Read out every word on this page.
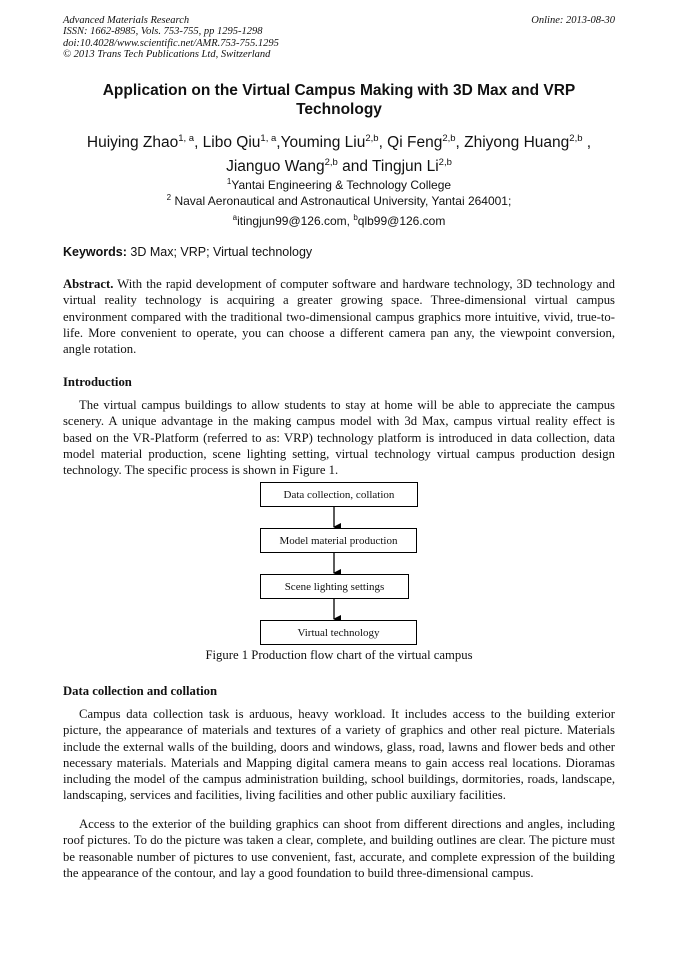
Advanced Materials Research
ISSN: 1662-8985, Vols. 753-755, pp 1295-1298
doi:10.4028/www.scientific.net/AMR.753-755.1295
© 2013 Trans Tech Publications Ltd, Switzerland
Online: 2013-08-30
Application on the Virtual Campus Making with 3D Max and VRP
Technology
Huiying Zhao$^{1, a}$, Libo Qiu$^{1, a}$,Youming Liu$^{2,b}$, Qi Feng$^{2,b}$, Zhiyong Huang$^{2,b}$ ,
Jianguo Wang$^{2,b}$ and Tingjun Li$^{2,b}$
$^1$Yantai Engineering & Technology College
$^2$ Naval Aeronautical and Astronautical University, Yantai 264001;
$^a$itingjun99@126.com, $^b$qlb99@126.com
Keywords: 3D Max; VRP; Virtual technology
Abstract. With the rapid development of computer software and hardware technology, 3D technology and virtual reality technology is acquiring a greater growing space. Three-dimensional virtual campus environment compared with the traditional two-dimensional campus graphics more intuitive, vivid, true-to-life. More convenient to operate, you can choose a different camera pan any, the viewpoint conversion, angle rotation.
Introduction
The virtual campus buildings to allow students to stay at home will be able to appreciate the campus scenery. A unique advantage in the making campus model with 3d Max, campus virtual reality effect is based on the VR-Platform (referred to as: VRP) technology platform is introduced in data collection, data model material production, scene lighting setting, virtual technology virtual campus production design technology. The specific process is shown in Figure 1.
Data collection, collation
Model material production
Scene lighting settings
Virtual technology
Figure 1 Production flow chart of the virtual campus
Data collection and collation
Campus data collection task is arduous, heavy workload. It includes access to the building exterior picture, the appearance of materials and textures of a variety of graphics and other real picture. Materials include the external walls of the building, doors and windows, glass, road, lawns and flower beds and other necessary materials. Materials and Mapping digital camera means to gain access real locations. Dioramas including the model of the campus administration building, school buildings, dormitories, roads, landscape, landscaping, services and facilities, living facilities and other public auxiliary facilities.
Access to the exterior of the building graphics can shoot from different directions and angles, including roof pictures. To do the picture was taken a clear, complete, and building outlines are clear. The picture must be reasonable number of pictures to use convenient, fast, accurate, and complete expression of the building the appearance of the contour, and lay a good foundation to build three-dimensional campus.
